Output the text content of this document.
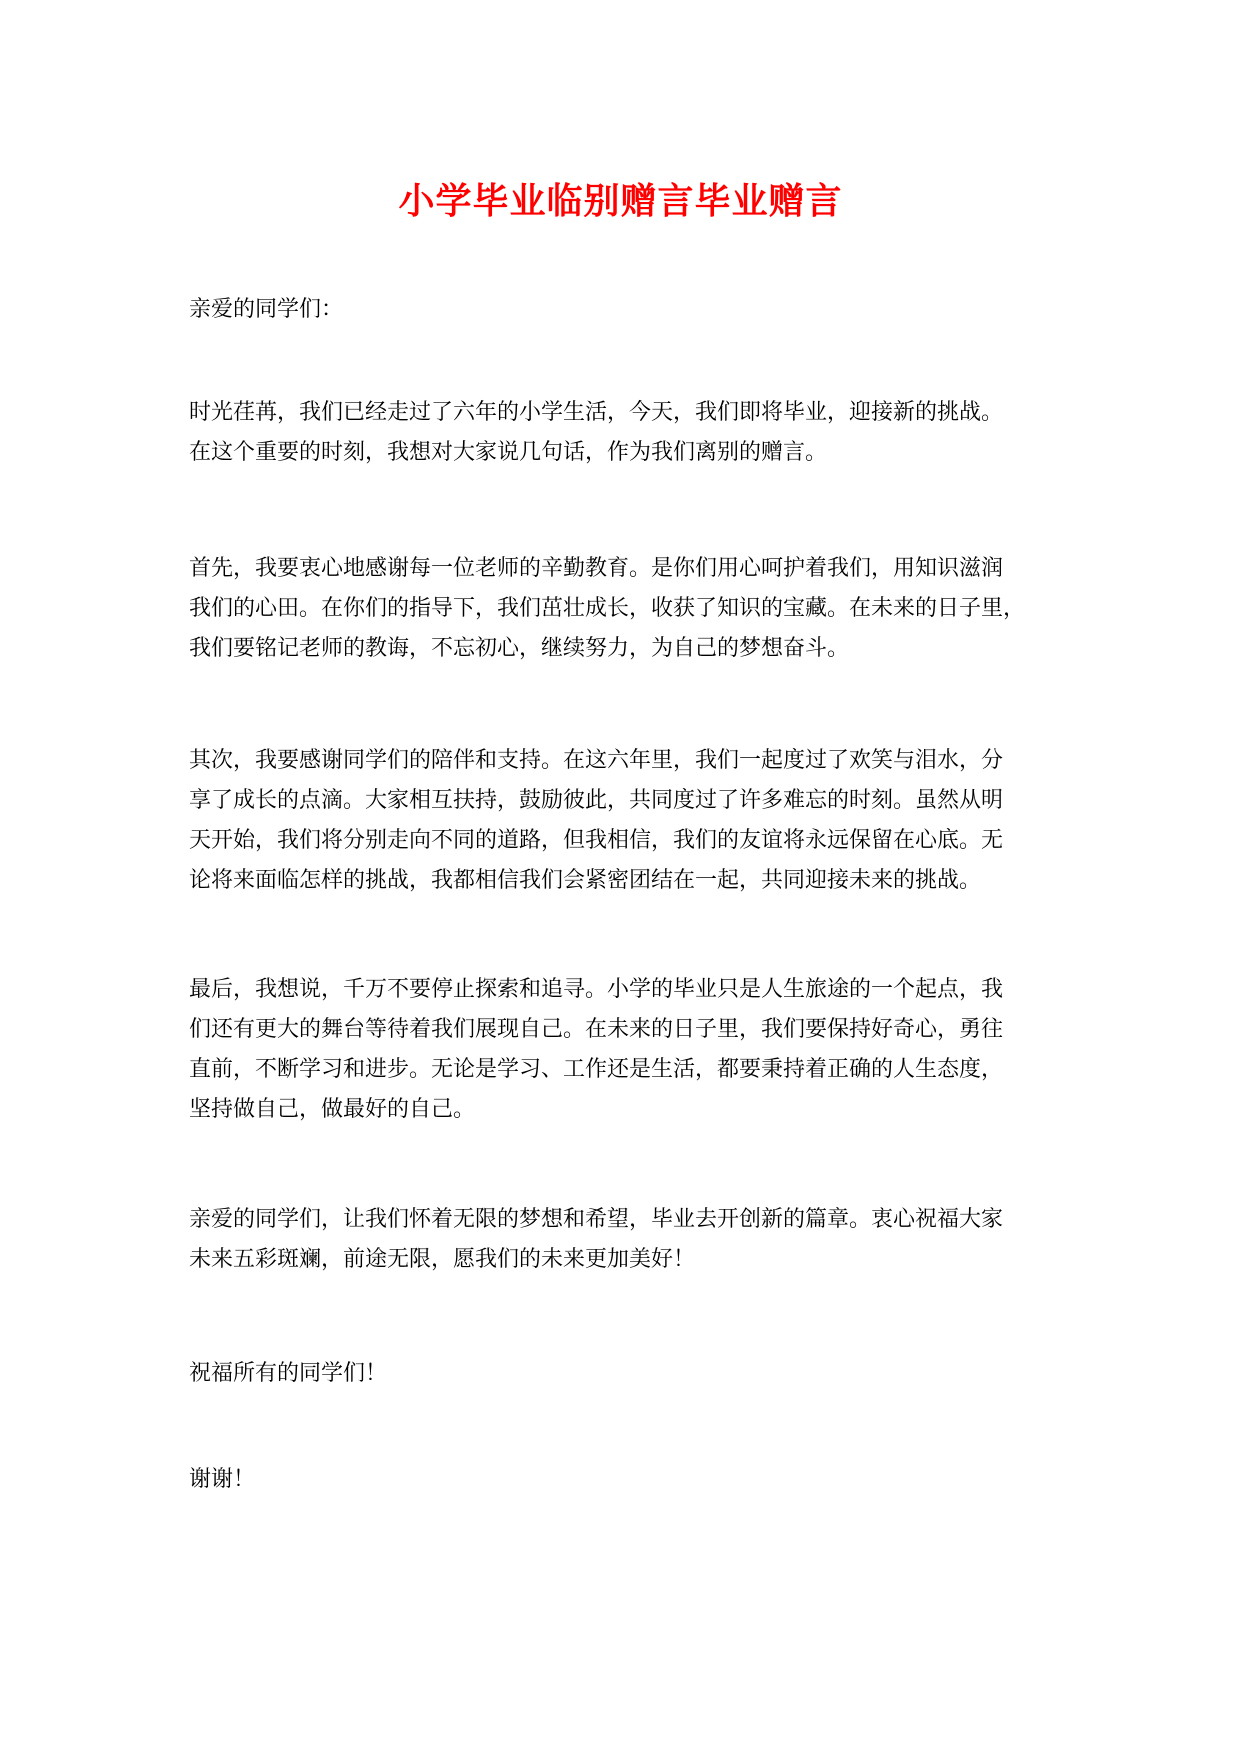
小学毕业临别赠言毕业赠言

亲爱的同学们：

时光荏苒，我们已经走过了六年的小学生活，今天，我们即将毕业，迎接新的挑战。
在这个重要的时刻，我想对大家说几句话，作为我们离别的赠言。

首先，我要衷心地感谢每一位老师的辛勤教育。是你们用心呵护着我们，用知识滋润
我们的心田。在你们的指导下，我们茁壮成长，收获了知识的宝藏。在未来的日子里，
我们要铭记老师的教诲，不忘初心，继续努力，为自己的梦想奋斗。

其次，我要感谢同学们的陪伴和支持。在这六年里，我们一起度过了欢笑与泪水，分
享了成长的点滴。大家相互扶持，鼓励彼此，共同度过了许多难忘的时刻。虽然从明
天开始，我们将分别走向不同的道路，但我相信，我们的友谊将永远保留在心底。无
论将来面临怎样的挑战，我都相信我们会紧密团结在一起，共同迎接未来的挑战。

最后，我想说，千万不要停止探索和追寻。小学的毕业只是人生旅途的一个起点，我
们还有更大的舞台等待着我们展现自己。在未来的日子里，我们要保持好奇心，勇往
直前，不断学习和进步。无论是学习、工作还是生活，都要秉持着正确的人生态度，
坚持做自己，做最好的自己。

亲爱的同学们，让我们怀着无限的梦想和希望，毕业去开创新的篇章。衷心祝福大家
未来五彩斑斓，前途无限，愿我们的未来更加美好！

祝福所有的同学们！

谢谢！
